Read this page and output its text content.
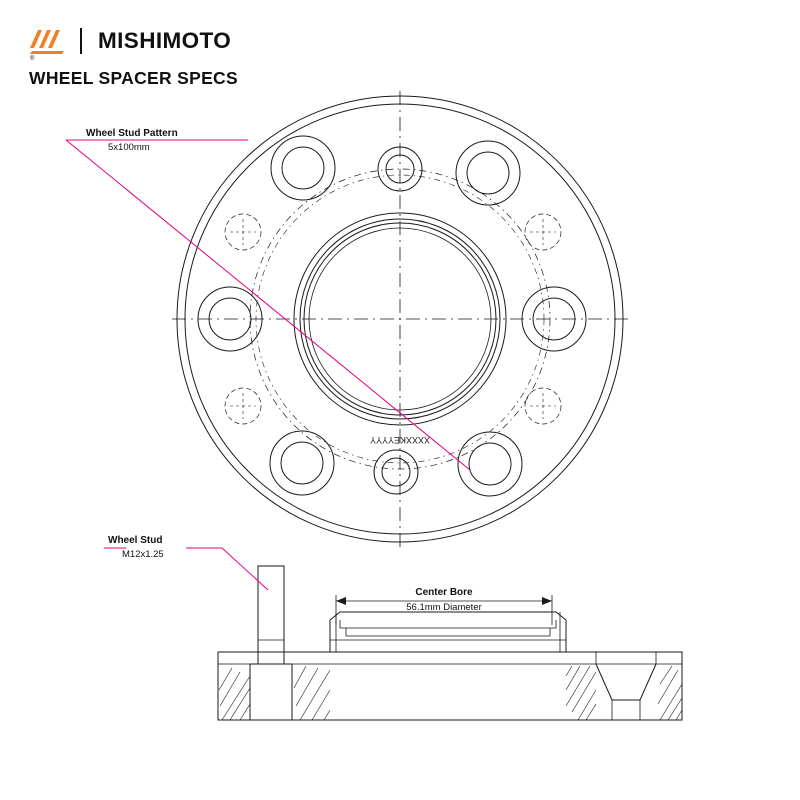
MISHIMOTO
®
WHEEL SPACER SPECS
XXXXKEYYYY
Wheel Stud Pattern
5x100mm
Wheel Stud
M12x1.25
Center Bore
56.1mm Diameter
